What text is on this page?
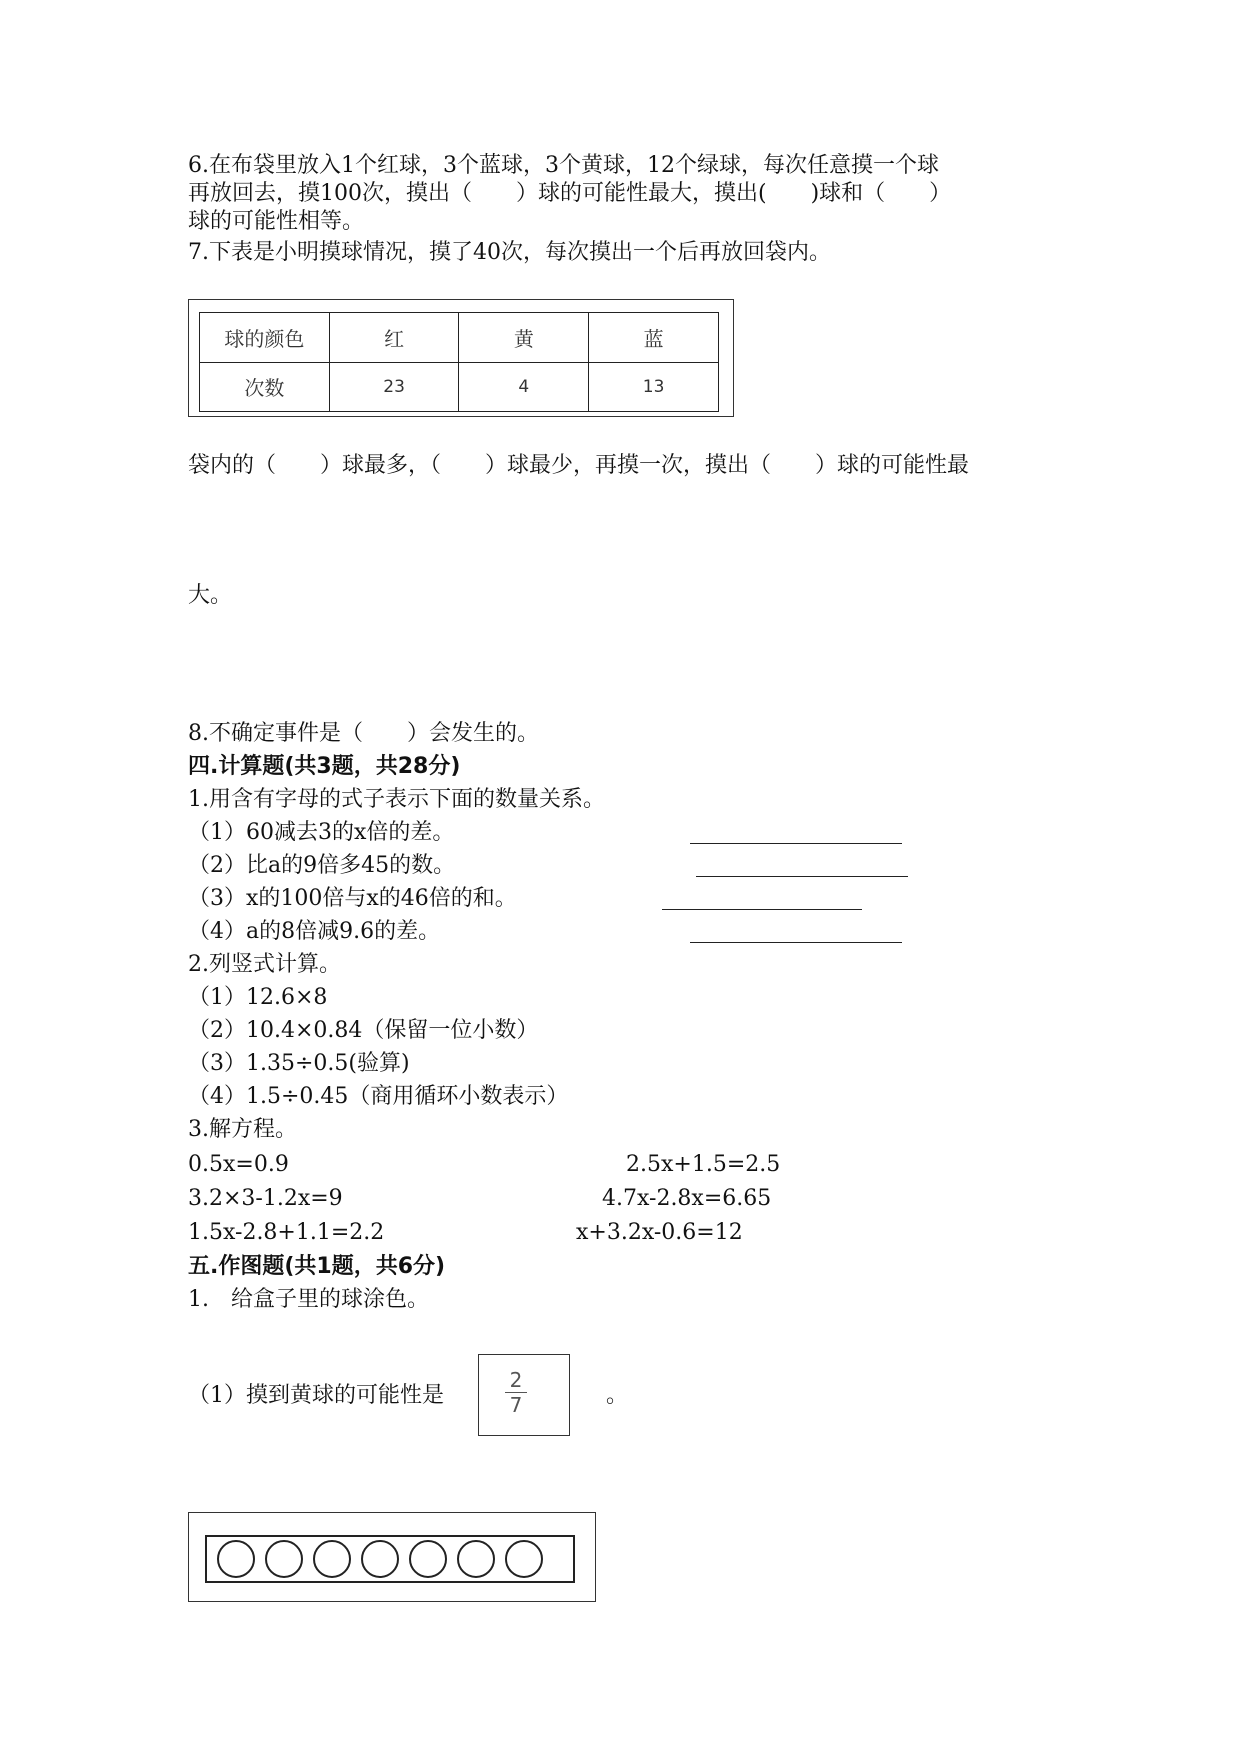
6.在布袋里放入1个红球，3个蓝球，3个黄球，12个绿球，每次任意摸一个球
再放回去，摸100次，摸出（　　）球的可能性最大，摸出(　　)球和（　　）
球的可能性相等。
7.下表是小明摸球情况，摸了40次，每次摸出一个后再放回袋内。
球的颜色	红	黄	蓝
次数	23	4	13
袋内的（　　）球最多，（　　）球最少，再摸一次，摸出（　　）球的可能性最
大。
8.不确定事件是（　　）会发生的。
四.计算题(共3题，共28分)
1.用含有字母的式子表示下面的数量关系。
（1）60减去3的x倍的差。
（2）比a的9倍多45的数。
（3）x的100倍与x的46倍的和。
（4）a的8倍减9.6的差。
2.列竖式计算。
（1）12.6×8
（2）10.4×0.84（保留一位小数）
（3）1.35÷0.5(验算)
（4）1.5÷0.45（商用循环小数表示）
3.解方程。
0.5x=0.9	2.5x+1.5=2.5
3.2×3-1.2x=9	4.7x-2.8x=6.65
1.5x-2.8+1.1=2.2	x+3.2x-0.6=12
五.作图题(共1题，共6分)
1.　给盒子里的球涂色。
（1）摸到黄球的可能性是
2
7	。
